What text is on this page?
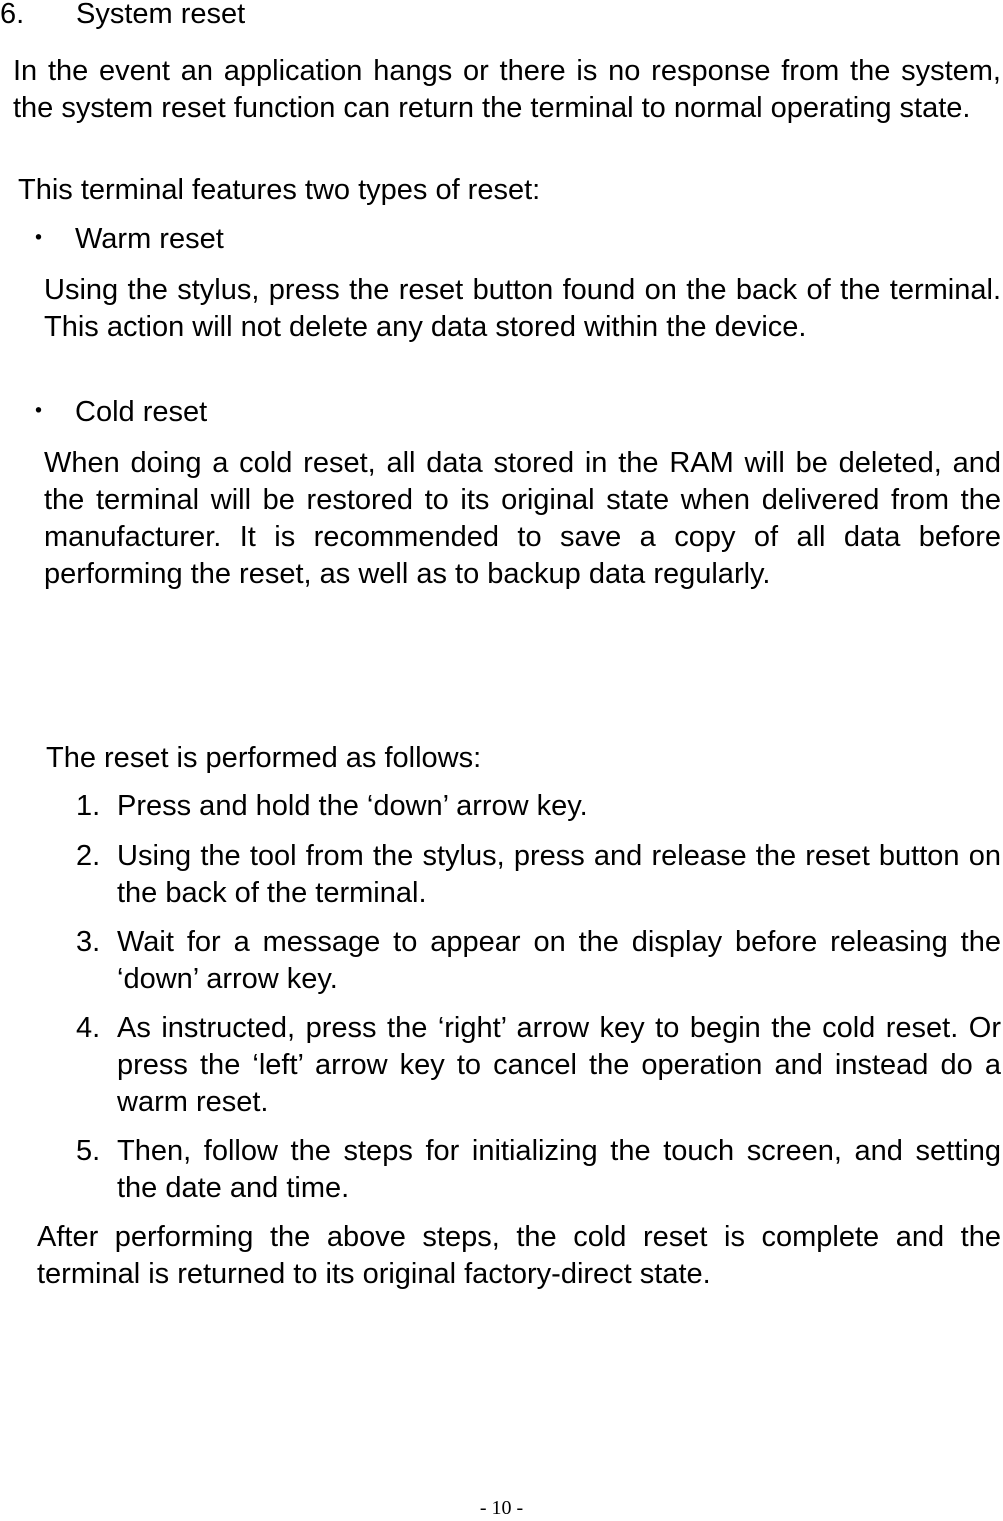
6. System reset
In the event an application hangs or there is no response from the system, the system reset function can return the terminal to normal operating state.
This terminal features two types of reset:
・ Warm reset
Using the stylus, press the reset button found on the back of the terminal. This action will not delete any data stored within the device.
・ Cold reset
When doing a cold reset, all data stored in the RAM will be deleted, and the terminal will be restored to its original state when delivered from the manufacturer. It is recommended to save a copy of all data before performing the reset, as well as to backup data regularly.
The reset is performed as follows:
1. Press and hold the ‘down’ arrow key.
2. Using the tool from the stylus, press and release the reset button on the back of the terminal.
3. Wait for a message to appear on the display before releasing the ‘down’ arrow key.
4. As instructed, press the ‘right’ arrow key to begin the cold reset. Or press the ‘left’ arrow key to cancel the operation and instead do a warm reset.
5. Then, follow the steps for initializing the touch screen, and setting the date and time.
After performing the above steps, the cold reset is complete and the terminal is returned to its original factory-direct state.
- 10 -
